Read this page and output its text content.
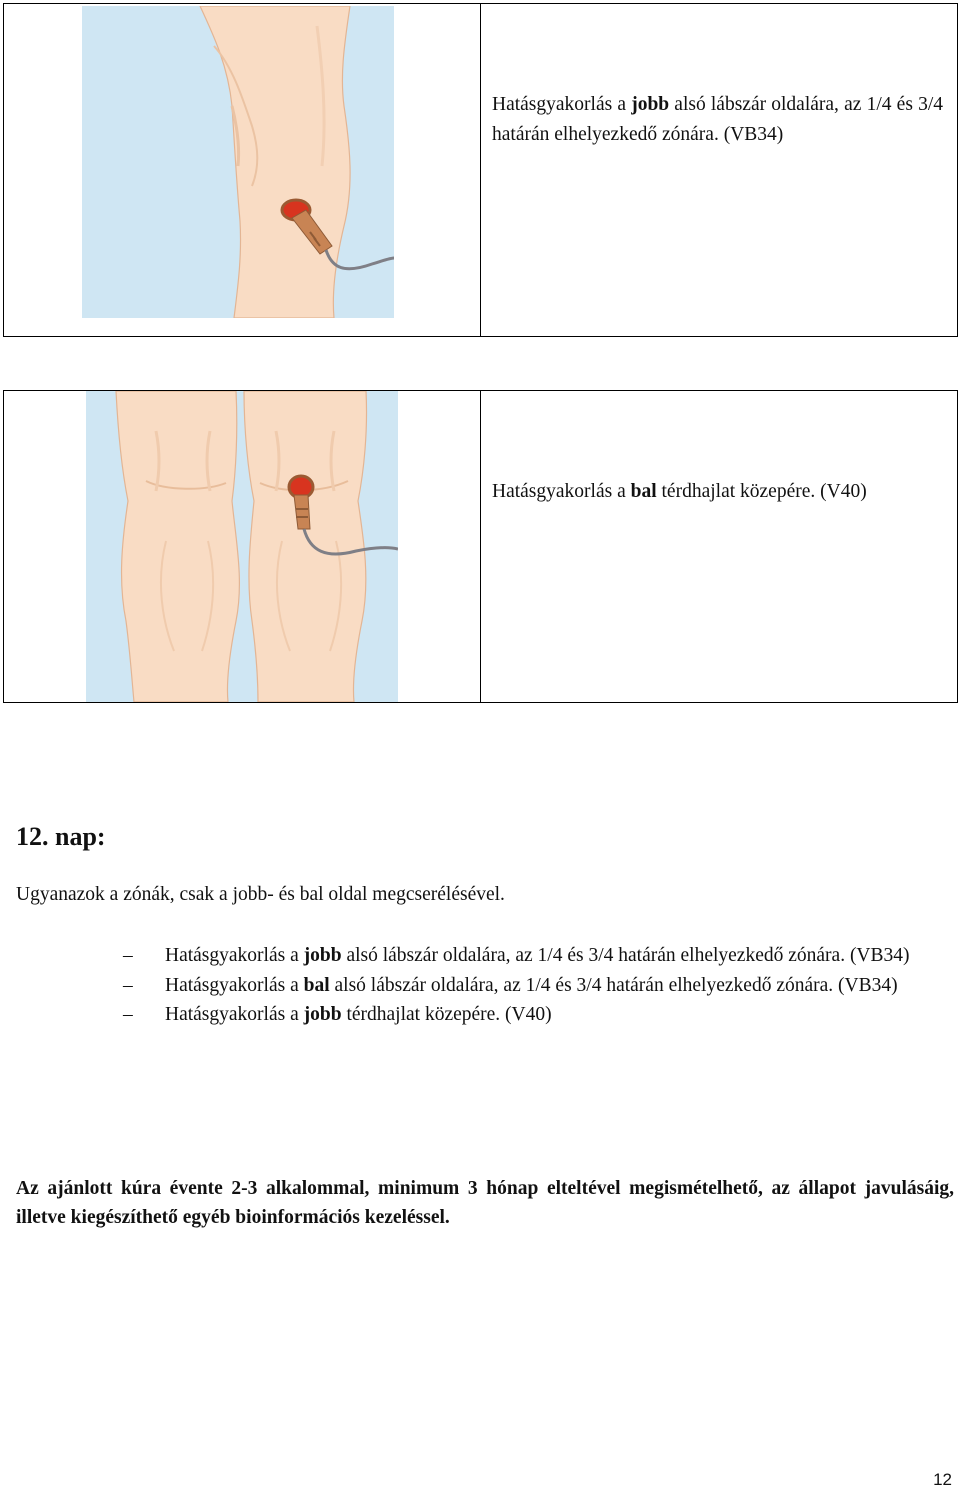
Hatásgyakorlás a jobb alsó lábszár oldalára, az 1/4 és 3/4 határán elhelyezkedő zónára. (VB34)

Hatásgyakorlás a bal térdhajlat közepére. (V40)

12. nap:

Ugyanazok a zónák, csak a jobb- és bal oldal megcserélésével.

– Hatásgyakorlás a jobb alsó lábszár oldalára, az 1/4 és 3/4 határán elhelyezkedő zónára. (VB34)
– Hatásgyakorlás a bal alsó lábszár oldalára, az 1/4 és 3/4 határán elhelyezkedő zónára. (VB34)
– Hatásgyakorlás a jobb térdhajlat közepére. (V40)

Az ajánlott kúra évente 2-3 alkalommal, minimum 3 hónap elteltével megismételhető, az állapot javulásáig, illetve kiegészíthető egyéb bioinformációs kezeléssel.

12
